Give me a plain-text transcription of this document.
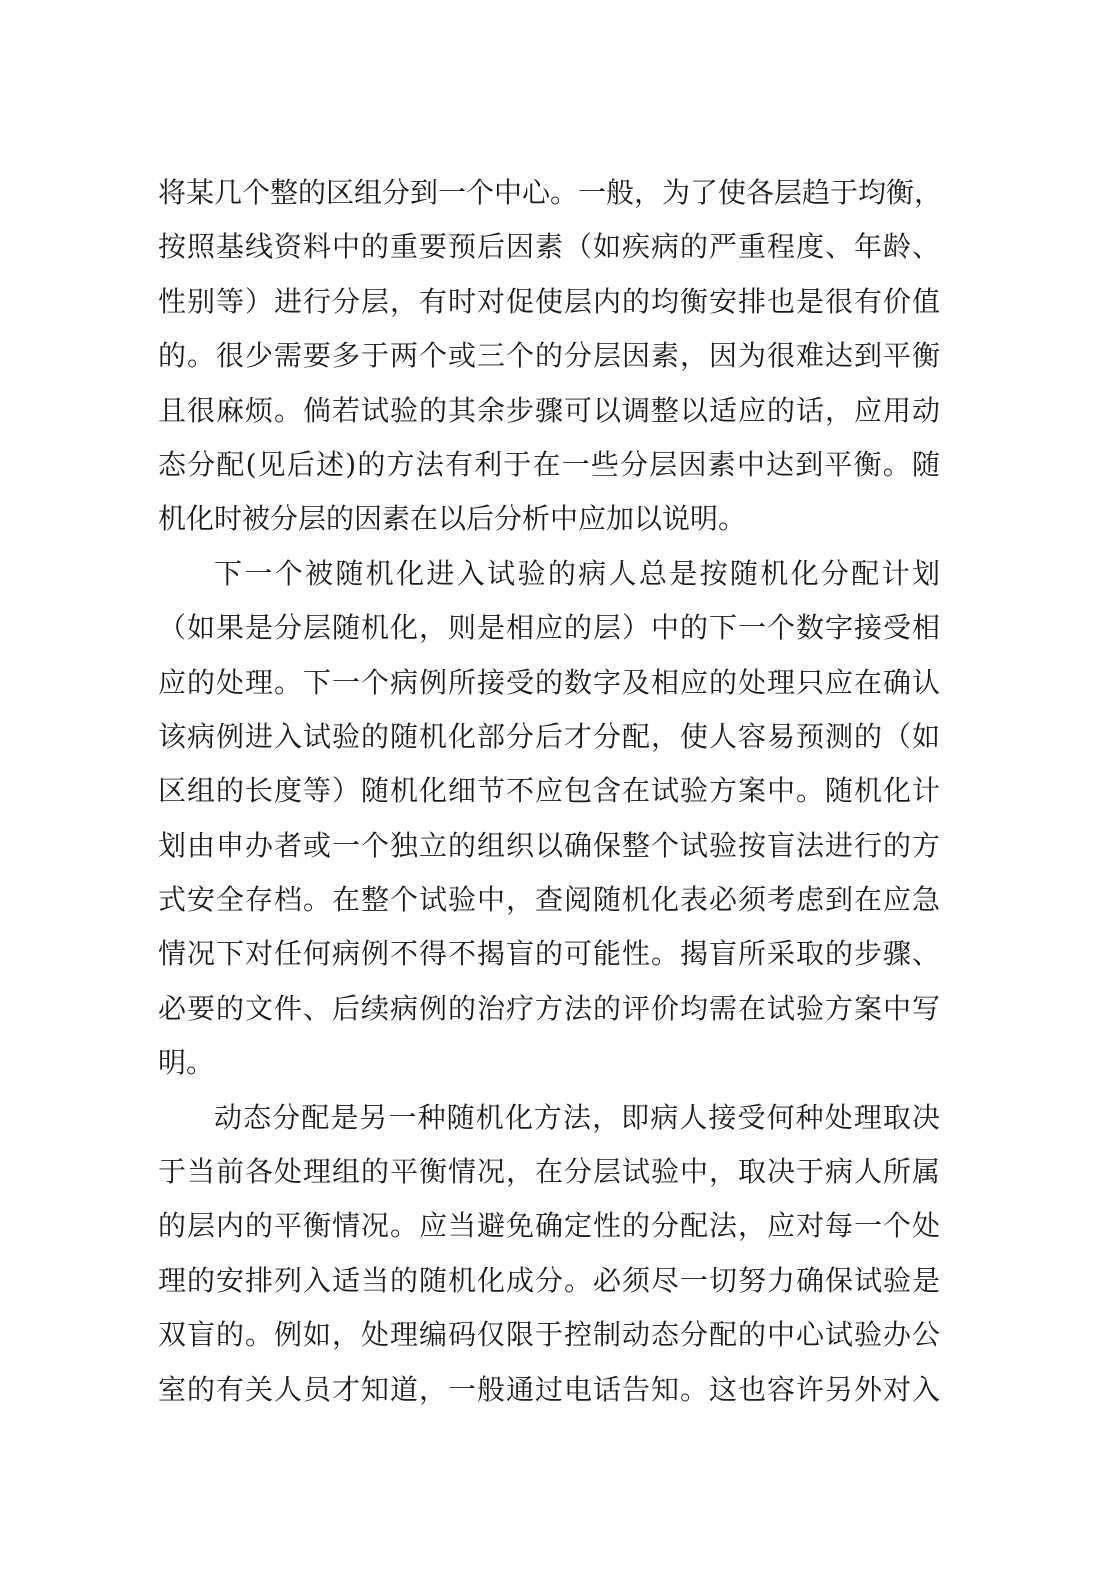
将某几个整的区组分到一个中心。一般，为了使各层趋于均衡，
按照基线资料中的重要预后因素（如疾病的严重程度、年龄、
性别等）进行分层，有时对促使层内的均衡安排也是很有价值
的。很少需要多于两个或三个的分层因素，因为很难达到平衡
且很麻烦。倘若试验的其余步骤可以调整以适应的话，应用动
态分配(见后述)的方法有利于在一些分层因素中达到平衡。随
机化时被分层的因素在以后分析中应加以说明。
下一个被随机化进入试验的病人总是按随机化分配计划
（如果是分层随机化，则是相应的层）中的下一个数字接受相
应的处理。下一个病例所接受的数字及相应的处理只应在确认
该病例进入试验的随机化部分后才分配，使人容易预测的（如
区组的长度等）随机化细节不应包含在试验方案中。随机化计
划由申办者或一个独立的组织以确保整个试验按盲法进行的方
式安全存档。在整个试验中，查阅随机化表必须考虑到在应急
情况下对任何病例不得不揭盲的可能性。揭盲所采取的步骤、
必要的文件、后续病例的治疗方法的评价均需在试验方案中写
明。
动态分配是另一种随机化方法，即病人接受何种处理取决
于当前各处理组的平衡情况，在分层试验中，取决于病人所属
的层内的平衡情况。应当避免确定性的分配法，应对每一个处
理的安排列入适当的随机化成分。必须尽一切努力确保试验是
双盲的。例如，处理编码仅限于控制动态分配的中心试验办公
室的有关人员才知道，一般通过电话告知。这也容许另外对入
